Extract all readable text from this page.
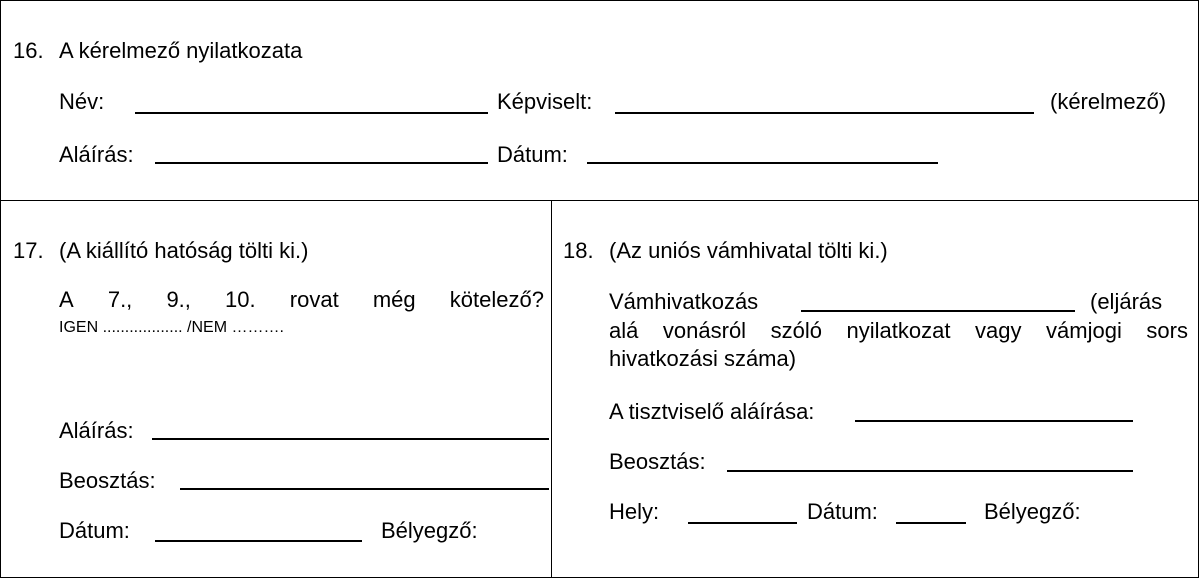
16. A kérelmező nyilatkozata
Név:	Képviselt:	(kérelmező)
Aláírás:	Dátum:
17. (A kiállító hatóság tölti ki.)
A 7., 9., 10. rovat még kötelező?
IGEN .................. /NEM ……….
Aláírás:
Beosztás:
Dátum:	Bélyegző:
18. (Az uniós vámhivatal tölti ki.)
Vámhivatkozás	(eljárás
alá vonásról szóló nyilatkozat vagy vámjogi sors
hivatkozási száma)
A tisztviselő aláírása:
Beosztás:
Hely:	Dátum:	Bélyegző:
